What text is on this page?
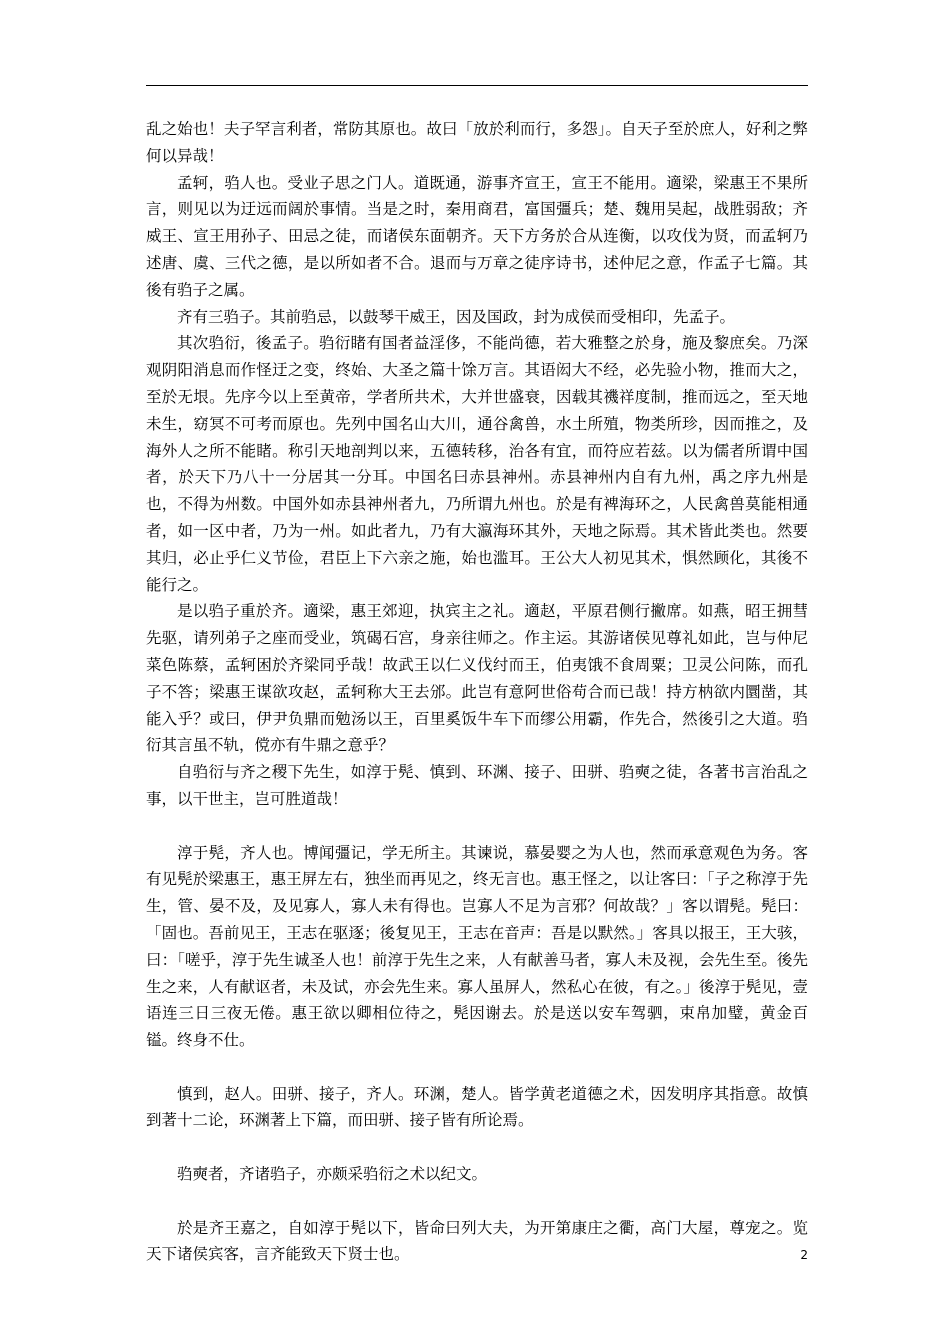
乱之始也！夫子罕言利者，常防其原也。故曰「放於利而行，多怨」。自天子至於庶人，好利之弊何以异哉！

孟轲，驺人也。受业子思之门人。道既通，游事齐宣王，宣王不能用。適梁，梁惠王不果所言，则见以为迂远而阔於事情。当是之时，秦用商君，富国彊兵；楚、魏用吴起，战胜弱敌；齐威王、宣王用孙子、田忌之徒，而诸侯东面朝齐。天下方务於合从连衡，以攻伐为贤，而孟轲乃述唐、虞、三代之德，是以所如者不合。退而与万章之徒序诗书，述仲尼之意，作孟子七篇。其後有驺子之属。

齐有三驺子。其前驺忌，以鼓琴干威王，因及国政，封为成侯而受相印，先孟子。

其次驺衍，後孟子。驺衍睹有国者益淫侈，不能尚德，若大雅整之於身，施及黎庶矣。乃深观阴阳消息而作怪迂之变，终始、大圣之篇十馀万言。其语闳大不经，必先验小物，推而大之，至於无垠。先序今以上至黄帝，学者所共术，大并世盛衰，因载其禨祥度制，推而远之，至天地未生，窈冥不可考而原也。先列中国名山大川，通谷禽兽，水土所殖，物类所珍，因而推之，及海外人之所不能睹。称引天地剖判以来，五德转移，治各有宜，而符应若兹。以为儒者所谓中国者，於天下乃八十一分居其一分耳。中国名曰赤县神州。赤县神州内自有九州，禹之序九州是也，不得为州数。中国外如赤县神州者九，乃所谓九州也。於是有裨海环之，人民禽兽莫能相通者，如一区中者，乃为一州。如此者九，乃有大瀛海环其外，天地之际焉。其术皆此类也。然要其归，必止乎仁义节俭，君臣上下六亲之施，始也滥耳。王公大人初见其术，惧然顾化，其後不能行之。

是以驺子重於齐。適梁，惠王郊迎，执宾主之礼。適赵，平原君侧行撇席。如燕，昭王拥彗先驱，请列弟子之座而受业，筑碣石宫，身亲往师之。作主运。其游诸侯见尊礼如此，岂与仲尼菜色陈蔡，孟轲困於齐梁同乎哉！故武王以仁义伐纣而王，伯夷饿不食周粟；卫灵公问陈，而孔子不答；梁惠王谋欲攻赵，孟轲称大王去邠。此岂有意阿世俗苟合而已哉！持方枘欲内圜凿，其能入乎？或曰，伊尹负鼎而勉汤以王，百里奚饭牛车下而缪公用霸，作先合，然後引之大道。驺衍其言虽不轨，傥亦有牛鼎之意乎？

自驺衍与齐之稷下先生，如淳于髡、慎到、环渊、接子、田骈、驺奭之徒，各著书言治乱之事，以干世主，岂可胜道哉！

淳于髡，齐人也。博闻彊记，学无所主。其谏说，慕晏婴之为人也，然而承意观色为务。客有见髡於梁惠王，惠王屏左右，独坐而再见之，终无言也。惠王怪之，以让客曰：「子之称淳于先生，管、晏不及，及见寡人，寡人未有得也。岂寡人不足为言邪？何故哉？」客以谓髡。髡曰：「固也。吾前见王，王志在驱逐；後复见王，王志在音声：吾是以默然。」客具以报王，王大骇，曰：「嗟乎，淳于先生诚圣人也！前淳于先生之来，人有献善马者，寡人未及视，会先生至。後先生之来，人有献讴者，未及试，亦会先生来。寡人虽屏人，然私心在彼，有之。」後淳于髡见，壹语连三日三夜无倦。惠王欲以卿相位待之，髡因谢去。於是送以安车驾驷，束帛加璧，黄金百镒。终身不仕。

慎到，赵人。田骈、接子，齐人。环渊，楚人。皆学黄老道德之术，因发明序其指意。故慎到著十二论，环渊著上下篇，而田骈、接子皆有所论焉。

驺奭者，齐诸驺子，亦颇采驺衍之术以纪文。

於是齐王嘉之，自如淳于髡以下，皆命曰列大夫，为开第康庄之衢，高门大屋，尊宠之。览天下诸侯宾客，言齐能致天下贤士也。	2
